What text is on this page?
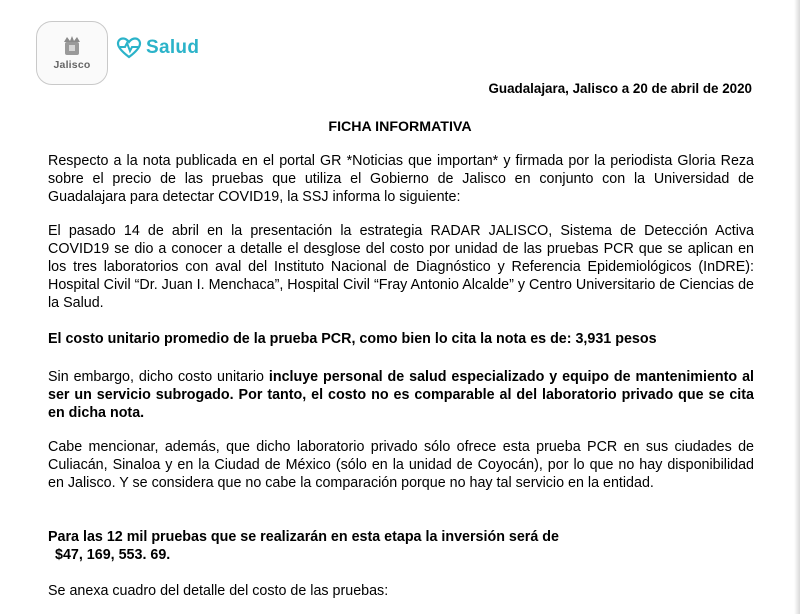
Jalisco
Salud
Guadalajara, Jalisco a 20 de abril de 2020
FICHA INFORMATIVA

Respecto a la nota publicada en el portal GR *Noticias que importan* y firmada por la periodista Gloria Reza sobre el precio de las pruebas que utiliza el Gobierno de Jalisco en conjunto con la Universidad de Guadalajara para detectar COVID19, la SSJ informa lo siguiente:

El pasado 14 de abril en la presentación la estrategia RADAR JALISCO, Sistema de Detección Activa COVID19 se dio a conocer a detalle el desglose del costo por unidad de las pruebas PCR que se aplican en los tres laboratorios con aval del Instituto Nacional de Diagnóstico y Referencia Epidemiológicos (InDRE): Hospital Civil “Dr. Juan I. Menchaca”, Hospital Civil “Fray Antonio Alcalde” y Centro Universitario de Ciencias de la Salud.

El costo unitario promedio de la prueba PCR, como bien lo cita la nota es de: 3,931 pesos

Sin embargo, dicho costo unitario incluye personal de salud especializado y equipo de mantenimiento al ser un servicio subrogado. Por tanto, el costo no es comparable al del laboratorio privado que se cita en dicha nota.

Cabe mencionar, además, que dicho laboratorio privado sólo ofrece esta prueba PCR en sus ciudades de Culiacán, Sinaloa y en la Ciudad de México (sólo en la unidad de Coyocán), por lo que no hay disponibilidad en Jalisco. Y se considera que no cabe la comparación porque no hay tal servicio en la entidad.

Para las 12 mil pruebas que se realizarán en esta etapa la inversión será de
$47, 169, 553. 69.

Se anexa cuadro del detalle del costo de las pruebas:
